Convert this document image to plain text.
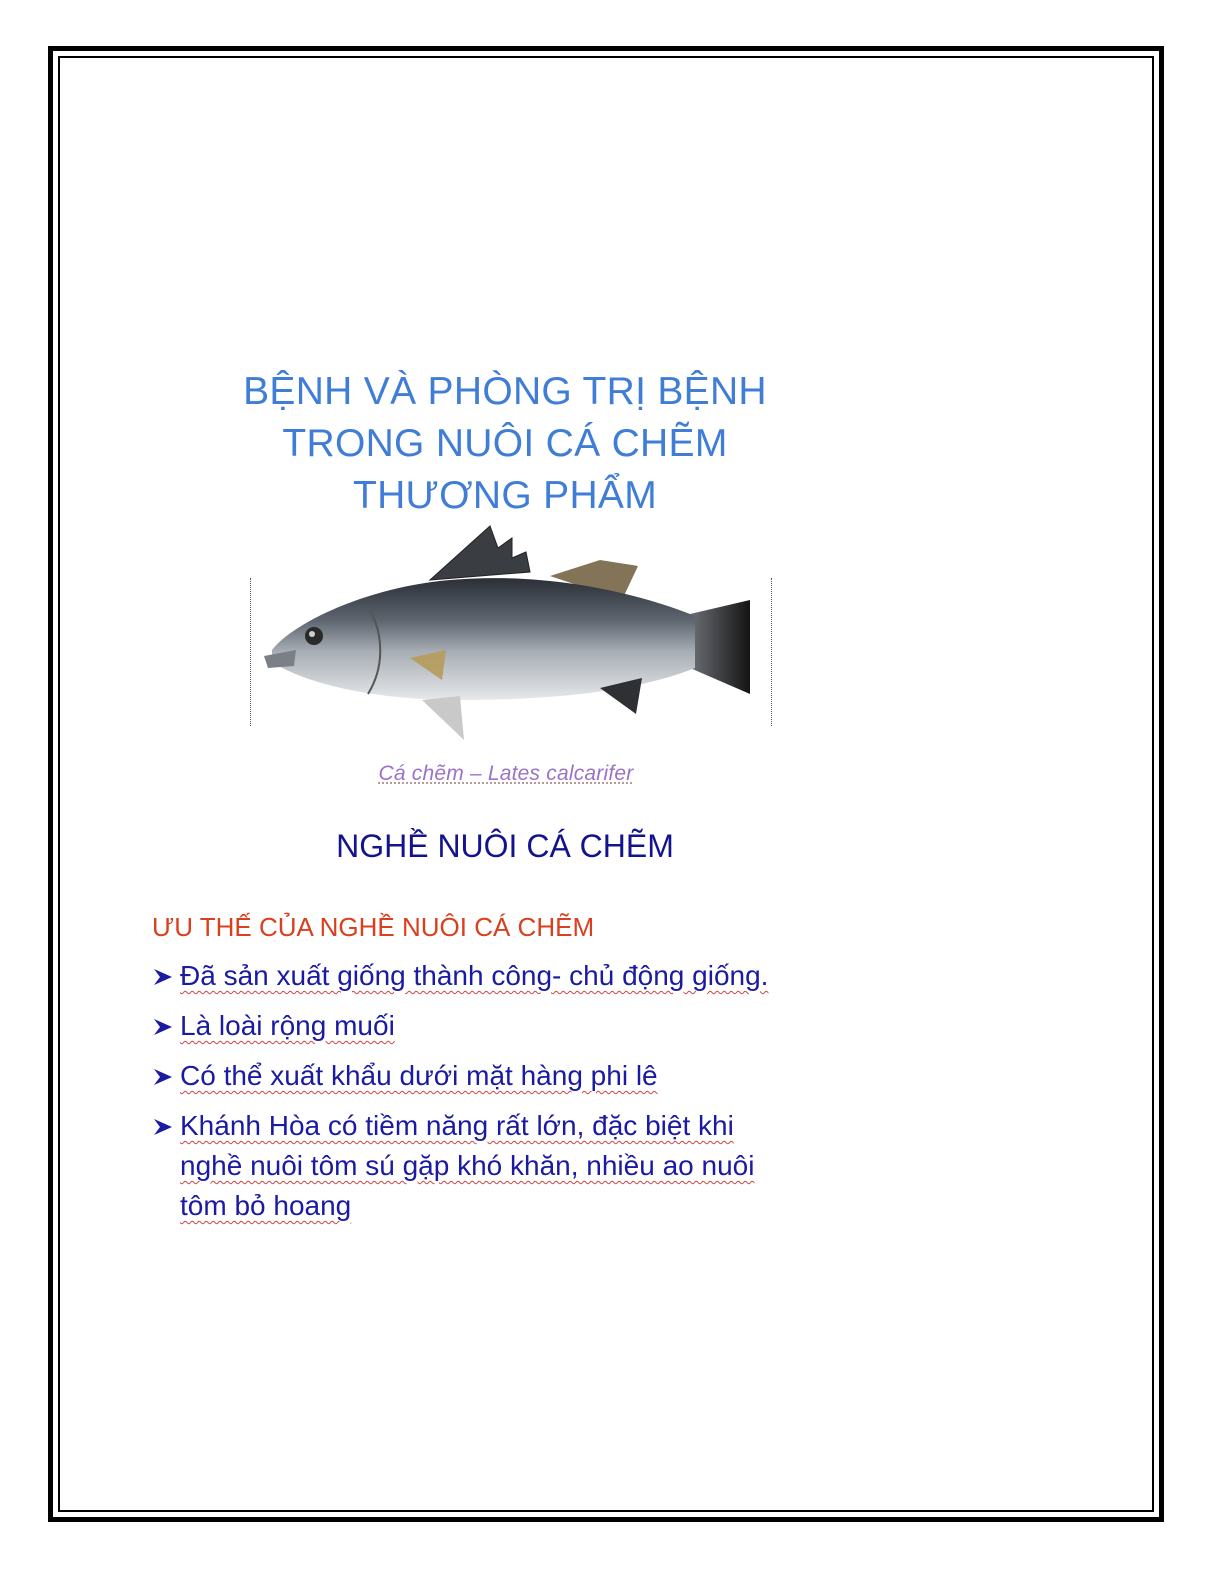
BỆNH VÀ PHÒNG TRỊ BỆNH
TRONG NUÔI CÁ CHẼM
THƯƠNG PHẨM
Cá chẽm – Lates calcarifer
NGHỀ NUÔI CÁ CHẼM
ƯU THẾ CỦA NGHỀ NUÔI CÁ CHẼM
Đã sản xuất giống thành công- chủ động giống.
Là loài rộng muối
Có thể xuất khẩu dưới mặt hàng phi lê
Khánh Hòa có tiềm năng rất lớn, đặc biệt khi nghề nuôi tôm sú gặp khó khăn, nhiều ao nuôi tôm bỏ hoang
